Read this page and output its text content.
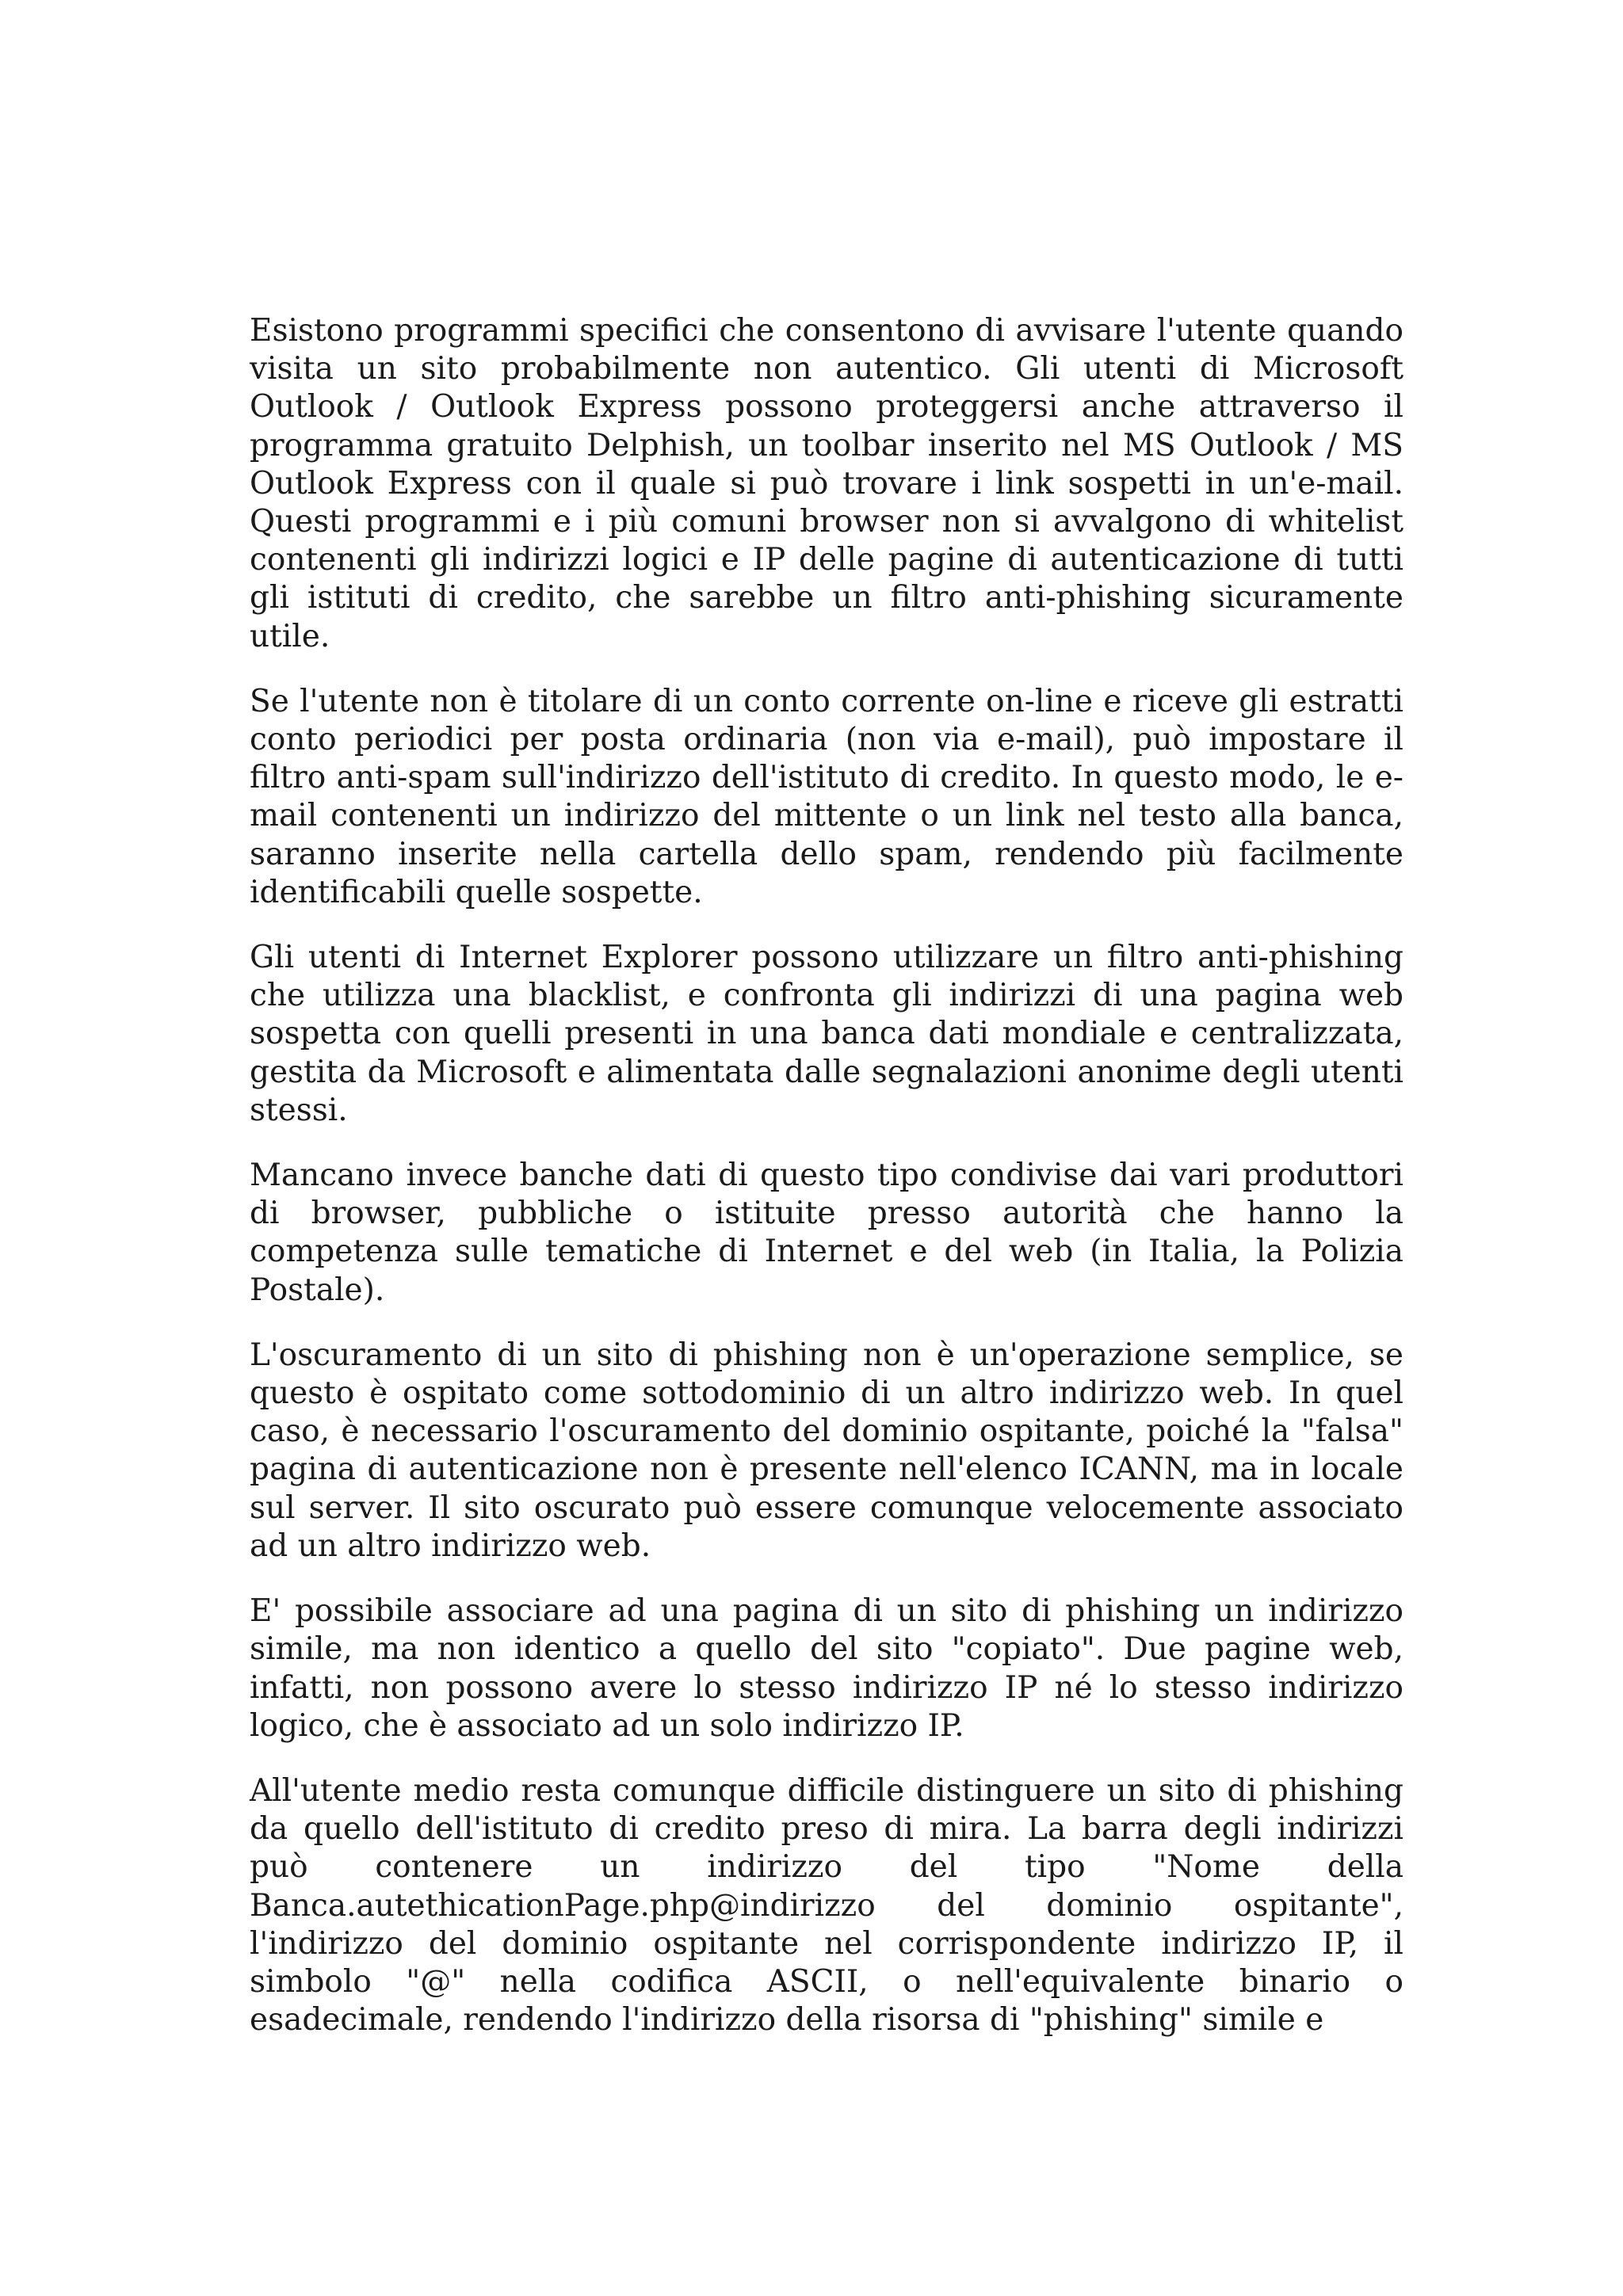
Esistono programmi specifici che consentono di avvisare l'utente quando visita un sito probabilmente non autentico. Gli utenti di Microsoft Outlook / Outlook Express possono proteggersi anche attraverso il programma gratuito Delphish, un toolbar inserito nel MS Outlook / MS Outlook Express con il quale si può trovare i link sospetti in un'e-mail. Questi programmi e i più comuni browser non si avvalgono di whitelist contenenti gli indirizzi logici e IP delle pagine di autenticazione di tutti gli istituti di credito, che sarebbe un filtro anti-phishing sicuramente utile.

Se l'utente non è titolare di un conto corrente on-line e riceve gli estratti conto periodici per posta ordinaria (non via e-mail), può impostare il filtro anti-spam sull'indirizzo dell'istituto di credito. In questo modo, le e-mail contenenti un indirizzo del mittente o un link nel testo alla banca, saranno inserite nella cartella dello spam, rendendo più facilmente identificabili quelle sospette.

Gli utenti di Internet Explorer possono utilizzare un filtro anti-phishing che utilizza una blacklist, e confronta gli indirizzi di una pagina web sospetta con quelli presenti in una banca dati mondiale e centralizzata, gestita da Microsoft e alimentata dalle segnalazioni anonime degli utenti stessi.

Mancano invece banche dati di questo tipo condivise dai vari produttori di browser, pubbliche o istituite presso autorità che hanno la competenza sulle tematiche di Internet e del web (in Italia, la Polizia Postale).

L'oscuramento di un sito di phishing non è un'operazione semplice, se questo è ospitato come sottodominio di un altro indirizzo web. In quel caso, è necessario l'oscuramento del dominio ospitante, poiché la "falsa" pagina di autenticazione non è presente nell'elenco ICANN, ma in locale sul server. Il sito oscurato può essere comunque velocemente associato ad un altro indirizzo web.

E' possibile associare ad una pagina di un sito di phishing un indirizzo simile, ma non identico a quello del sito "copiato". Due pagine web, infatti, non possono avere lo stesso indirizzo IP né lo stesso indirizzo logico, che è associato ad un solo indirizzo IP.

All'utente medio resta comunque difficile distinguere un sito di phishing da quello dell'istituto di credito preso di mira. La barra degli indirizzi può contenere un indirizzo del tipo "Nome della Banca.autethicationPage.php@indirizzo del dominio ospitante", l'indirizzo del dominio ospitante nel corrispondente indirizzo IP, il simbolo "@" nella codifica ASCII, o nell'equivalente binario o esadecimale, rendendo l'indirizzo della risorsa di "phishing" simile e
